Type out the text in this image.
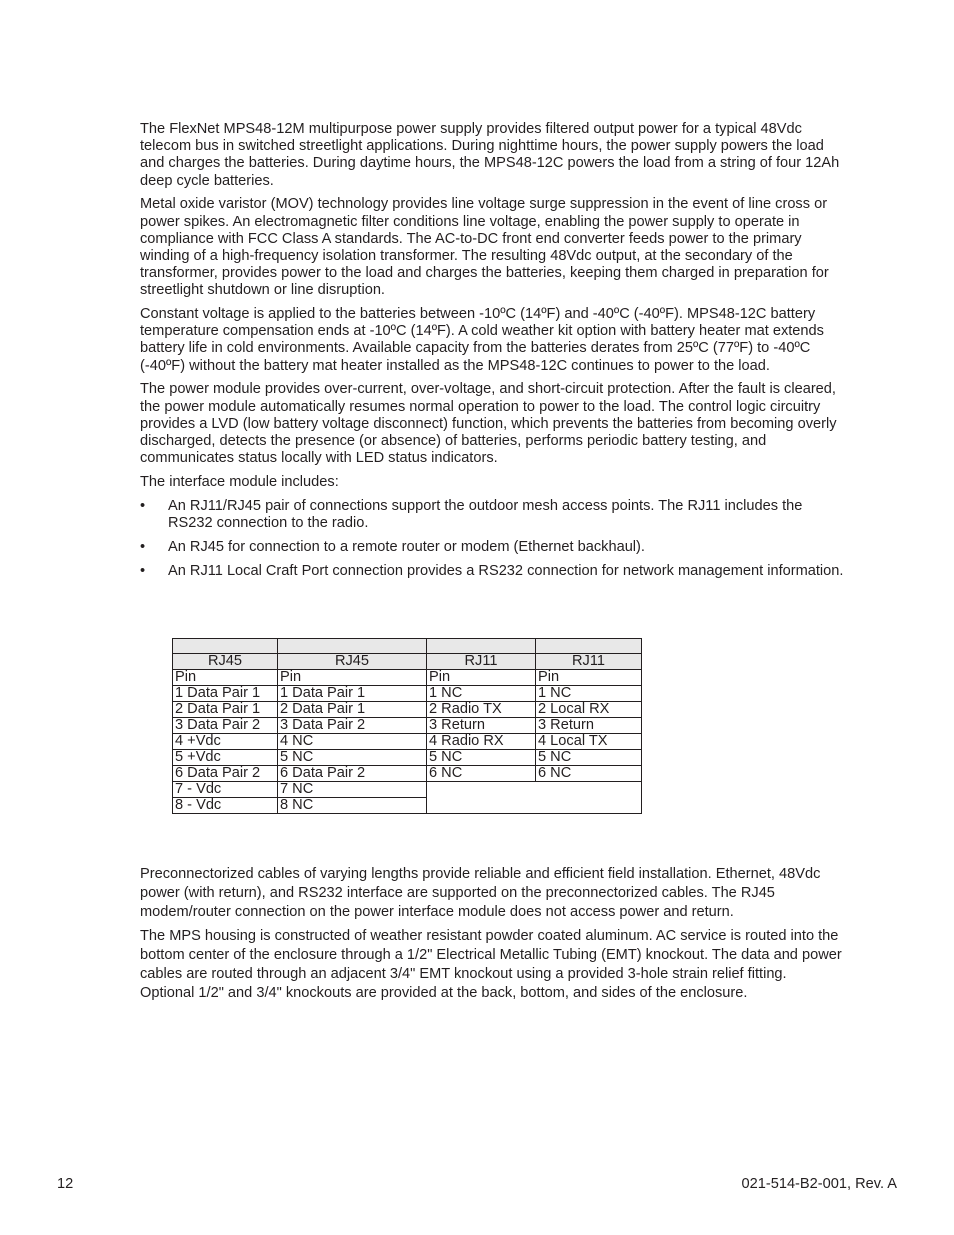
The FlexNet MPS48-12M multipurpose power supply provides filtered output power for a typical 48Vdc telecom bus in switched streetlight applications. During nighttime hours, the power supply powers the load and charges the batteries. During daytime hours, the MPS48-12C powers the load from a string of four 12Ah deep cycle batteries.

Metal oxide varistor (MOV) technology provides line voltage surge suppression in the event of line cross or power spikes. An electromagnetic filter conditions line voltage, enabling the power supply to operate in compliance with FCC Class A standards. The AC-to-DC front end converter feeds power to the primary winding of a high-frequency isolation transformer. The resulting 48Vdc output, at the secondary of the transformer, provides power to the load and charges the batteries, keeping them charged in preparation for streetlight shutdown or line disruption.

Constant voltage is applied to the batteries between -10ºC (14ºF) and -40ºC (-40ºF). MPS48-12C battery temperature compensation ends at -10ºC (14ºF). A cold weather kit option with battery heater mat extends battery life in cold environments. Available capacity from the batteries derates from 25ºC (77ºF) to -40ºC (-40ºF) without the battery mat heater installed as the MPS48-12C continues to power to the load.

The power module provides over-current, over-voltage, and short-circuit protection. After the fault is cleared, the power module automatically resumes normal operation to power to the load. The control logic circuitry provides a LVD (low battery voltage disconnect) function, which prevents the batteries from becoming overly discharged, detects the presence (or absence) of batteries, performs periodic battery testing, and communicates status locally with LED status indicators.

The interface module includes:

• An RJ11/RJ45 pair of connections support the outdoor mesh access points. The RJ11 includes the RS232 connection to the radio.
• An RJ45 for connection to a remote router or modem (Ethernet backhaul).
• An RJ11 Local Craft Port connection provides a RS232 connection for network management information.

RJ45	RJ45	RJ11	RJ11
Pin	Pin	Pin	Pin
1 Data Pair 1	1 Data Pair 1	1 NC	1 NC
2 Data Pair 1	2 Data Pair 1	2 Radio TX	2 Local RX
3 Data Pair 2	3 Data Pair 2	3 Return	3 Return
4 +Vdc	4 NC	4 Radio RX	4 Local TX
5 +Vdc	5 NC	5 NC	5 NC
6 Data Pair 2	6 Data Pair 2	6 NC	6 NC
7 - Vdc	7 NC		
8 - Vdc	8 NC		

Preconnectorized cables of varying lengths provide reliable and efficient field installation. Ethernet, 48Vdc power (with return), and RS232 interface are supported on the preconnectorized cables. The RJ45 modem/router connection on the power interface module does not access power and return.

The MPS housing is constructed of weather resistant powder coated aluminum. AC service is routed into the bottom center of the enclosure through a 1/2" Electrical Metallic Tubing (EMT) knockout. The data and power cables are routed through an adjacent 3/4" EMT knockout using a provided 3-hole strain relief fitting. Optional 1/2" and 3/4" knockouts are provided at the back, bottom, and sides of the enclosure.

12	021-514-B2-001, Rev. A
